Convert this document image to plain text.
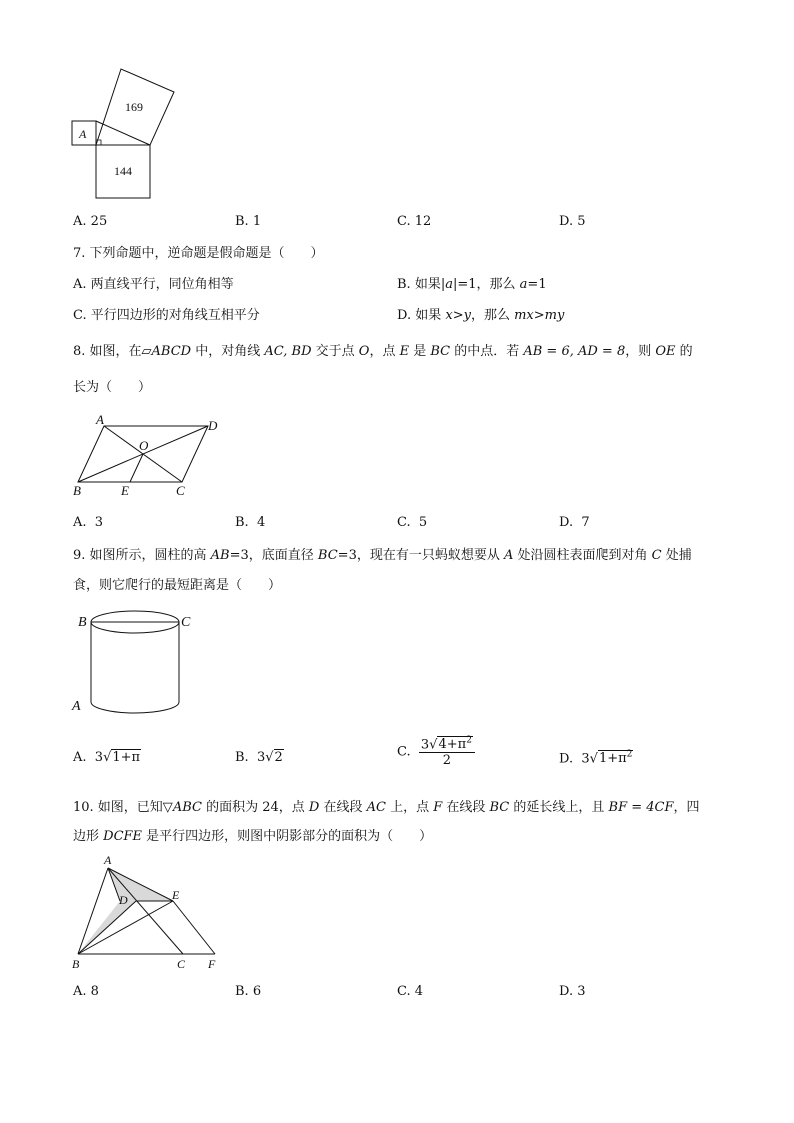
169
144
A
A. 25	B. 1	C. 12	D. 5
7. 下列命题中，逆命题是假命题是（　　）
A. 两直线平行，同位角相等	B. 如果|a|=1，那么 a=1
C. 平行四边形的对角线互相平分	D. 如果 x>y，那么 mx>my
8. 如图，在▱ABCD 中，对角线 AC, BD 交于点 O，点 E 是 BC 的中点．若 AB = 6, AD = 8，则 OE 的
长为（　　）
A	D
O
B	E	C
A. 3	B. 4	C. 5	D. 7
9. 如图所示，圆柱的高 AB=3，底面直径 BC=3，现在有一只蚂蚁想要从 A 处沿圆柱表面爬到对角 C 处捕
食，则它爬行的最短距离是（　　）
B	C
A
A. 3√1+π	B. 3√2	C. $\frac{3√4+\pi^2}{2}$	D. $3√1+\pi^2$
10. 如图，已知▽ABC 的面积为 24，点 D 在线段 AC 上，点 F 在线段 BC 的延长线上，且 BF = 4CF，四
边形 DCFE 是平行四边形，则图中阴影部分的面积为（　　）
A
D	E
B	C F
A. 8	B. 6	C. 4	D. 3
